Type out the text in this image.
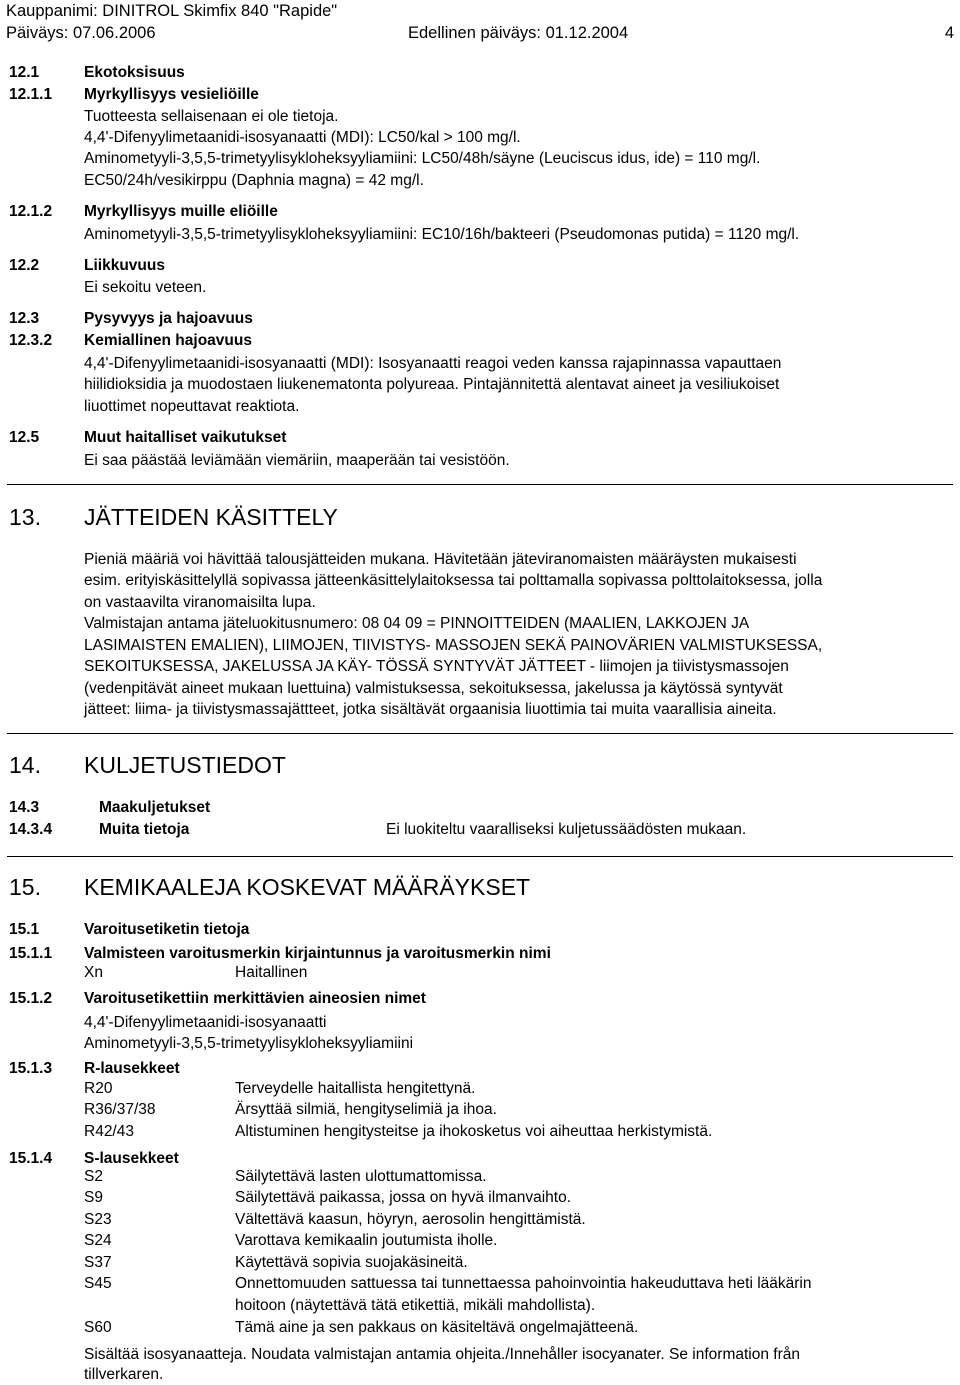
Kauppanimi: DINITROL Skimfix 840 "Rapide"
Päiväys: 07.06.2006	Edellinen päiväys: 01.12.2004	4
12.1	Ekotoksisuus
12.1.1 Myrkyllisyys vesieliöille
Tuotteesta sellaisenaan ei ole tietoja.
4,4'-Difenyylimetaanidi-isosyanaatti (MDI): LC50/kal > 100 mg/l.
Aminometyyli-3,5,5-trimetyylisykloheksyyliamiini: LC50/48h/säyne (Leuciscus idus, ide) = 110 mg/l.
EC50/24h/vesikirppu (Daphnia magna) = 42 mg/l.
12.1.2 Myrkyllisyys muille eliöille
Aminometyyli-3,5,5-trimetyylisykloheksyyliamiini: EC10/16h/bakteeri (Pseudomonas putida) = 1120 mg/l.
12.2	Liikkuvuus
Ei sekoitu veteen.
12.3	Pysyvyys ja hajoavuus
12.3.2 Kemiallinen hajoavuus
4,4'-Difenyylimetaanidi-isosyanaatti (MDI): Isosyanaatti reagoi veden kanssa rajapinnassa vapauttaen
hiilidioksidia ja muodostaen liukenematonta polyureaa. Pintajännitettä alentavat aineet ja vesiliukoiset
liuottimet nopeuttavat reaktiota.
12.5	Muut haitalliset vaikutukset
Ei saa päästää leviämään viemäriin, maaperään tai vesistöön.
13. JÄTTEIDEN KÄSITTELY
Pieniä määriä voi hävittää talousjätteiden mukana. Hävitetään jäteviranomaisten määräysten mukaisesti
esim. erityiskäsittelyllä sopivassa jätteenkäsittelylaitoksessa tai polttamalla sopivassa polttolaitoksessa, jolla
on vastaavilta viranomaisilta lupa.
Valmistajan antama jäteluokitusnumero: 08 04 09 = PINNOITTEIDEN (MAALIEN, LAKKOJEN JA
LASIMAISTEN EMALIEN), LIIMOJEN, TIIVISTYS- MASSOJEN SEKÄ PAINOVÄRIEN VALMISTUKSESSA,
SEKOITUKSESSA, JAKELUSSA JA KÄY- TÖSSÄ SYNTYVÄT JÄTTEET - liimojen ja tiivistysmassojen
(vedenpitävät aineet mukaan luettuina) valmistuksessa, sekoituksessa, jakelussa ja käytössä syntyvät
jätteet: liima- ja tiivistysmassajättteet, jotka sisältävät orgaanisia liuottimia tai muita vaarallisia aineita.
14. KULJETUSTIEDOT
14.3	Maakuljetukset
14.3.4	Muita tietoja	Ei luokiteltu vaaralliseksi kuljetussäädösten mukaan.
15. KEMIKAALEJA KOSKEVAT MÄÄRÄYKSET
15.1	Varoitusetiketin tietoja
15.1.1 Valmisteen varoitusmerkin kirjaintunnus ja varoitusmerkin nimi
Xn	Haitallinen
15.1.2 Varoitusetikettiin merkittävien aineosien nimet
4,4'-Difenyylimetaanidi-isosyanaatti
Aminometyyli-3,5,5-trimetyylisykloheksyyliamiini
15.1.3 R-lausekkeet
R20	Terveydelle haitallista hengitettynä.
R36/37/38	Ärsyttää silmiä, hengityselimiä ja ihoa.
R42/43	Altistuminen hengitysteitse ja ihokosketus voi aiheuttaa herkistymistä.
15.1.4 S-lausekkeet
S2	Säilytettävä lasten ulottumattomissa.
S9	Säilytettävä paikassa, jossa on hyvä ilmanvaihto.
S23	Vältettävä kaasun, höyryn, aerosolin hengittämistä.
S24	Varottava kemikaalin joutumista iholle.
S37	Käytettävä sopivia suojakäsineitä.
S45	Onnettomuuden sattuessa tai tunnettaessa pahoinvointia hakeuduttava heti lääkärin
hoitoon (näytettävä tätä etikettiä, mikäli mahdollista).
S60	Tämä aine ja sen pakkaus on käsiteltävä ongelmajätteenä.
Sisältää isosyanaatteja. Noudata valmistajan antamia ohjeita./Innehåller isocyanater. Se information från
tillverkaren.
